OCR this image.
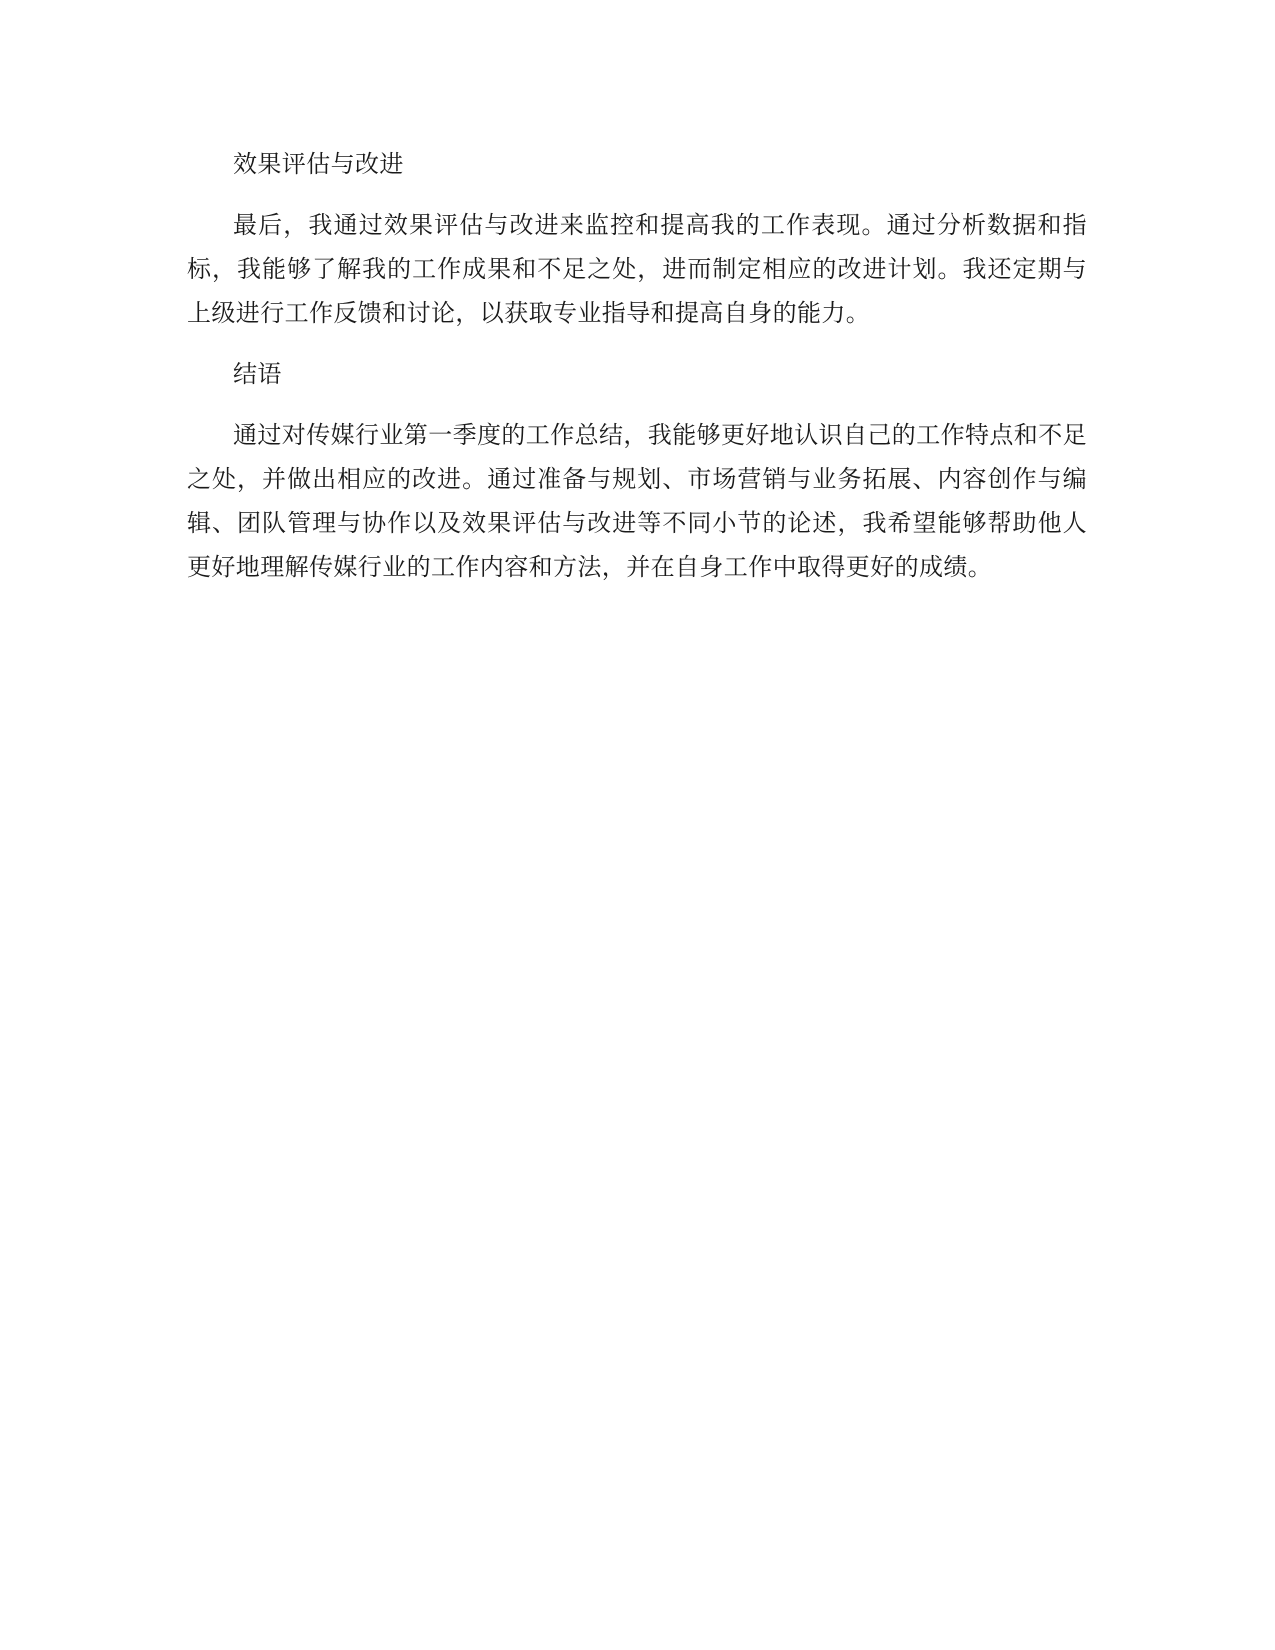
效果评估与改进

最后，我通过效果评估与改进来监控和提高我的工作表现。通过分析数据和指标，我能够了解我的工作成果和不足之处，进而制定相应的改进计划。我还定期与上级进行工作反馈和讨论，以获取专业指导和提高自身的能力。

结语

通过对传媒行业第一季度的工作总结，我能够更好地认识自己的工作特点和不足之处，并做出相应的改进。通过准备与规划、市场营销与业务拓展、内容创作与编辑、团队管理与协作以及效果评估与改进等不同小节的论述，我希望能够帮助他人更好地理解传媒行业的工作内容和方法，并在自身工作中取得更好的成绩。
